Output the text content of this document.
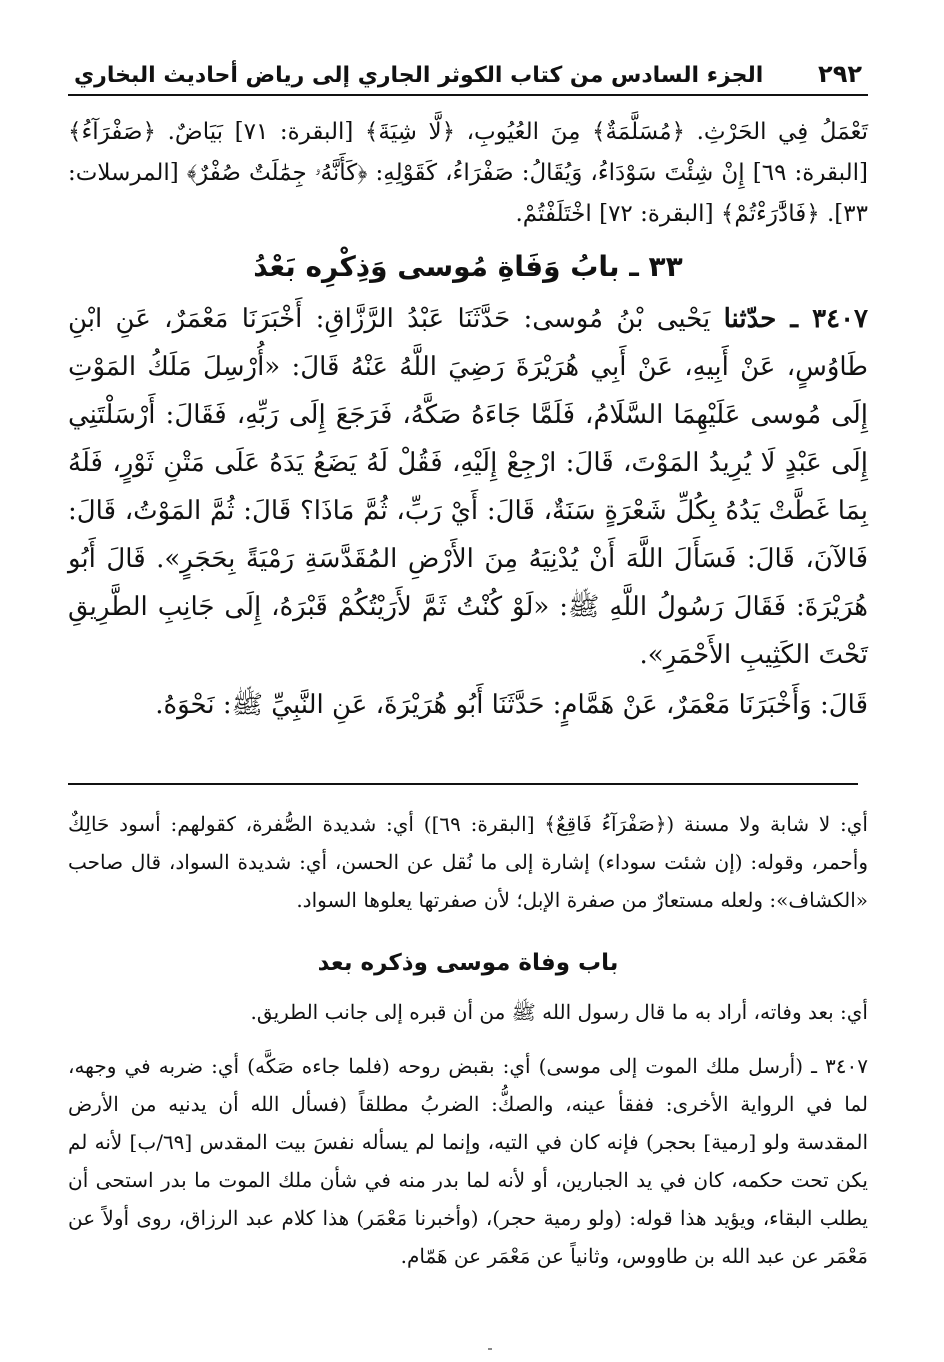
٢٩٢
الجزء السادس من كتاب الكوثر الجاري إلى رياض أحاديث البخاري

تَعْمَلُ فِي الحَرْثِ. ﴿مُسَلَّمَةٌ﴾ مِنَ العُيُوبِ، ﴿لَّا شِيَةَ﴾ [البقرة: ٧١] بَيَاضٌ. ﴿صَفْرَآءُ﴾ [البقرة: ٦٩] إِنْ شِئْتَ سَوْدَاءُ، وَيُقَالُ: صَفْرَاءُ، كَقَوْلِهِ: ﴿كَأَنَّهُۥ جِمَٰلَتٌ صُفْرٌ﴾ [المرسلات: ٣٣]. ﴿فَادَّٰرَءْتُمْ﴾ [البقرة: ٧٢] اخْتَلَفْتُمْ.

٣٣ ـ بابُ وَفَاةِ مُوسى وَذِكْرِه بَعْدُ

٣٤٠٧ ـ حدّثنا يَحْيى بْنُ مُوسى: حَدَّثَنَا عَبْدُ الرَّزَّاقِ: أَخْبَرَنَا مَعْمَرٌ، عَنِ ابْنِ طَاوُسٍ، عَنْ أَبِيهِ، عَنْ أَبِي هُرَيْرَةَ رَضِيَ اللَّهُ عَنْهُ قَالَ: «أُرْسِلَ مَلَكُ المَوْتِ إِلَى مُوسى عَلَيْهِمَا السَّلَامُ، فَلَمَّا جَاءَهُ صَكَّهُ، فَرَجَعَ إِلَى رَبِّهِ، فَقَالَ: أَرْسَلْتَنِي إِلَى عَبْدٍ لَا يُرِيدُ المَوْتَ، قَالَ: ارْجِعْ إِلَيْهِ، فَقُلْ لَهُ يَضَعُ يَدَهُ عَلَى مَتْنِ ثَوْرٍ، فَلَهُ بِمَا غَطَّتْ يَدُهُ بِكُلِّ شَعْرَةٍ سَنَةٌ، قَالَ: أَيْ رَبِّ، ثُمَّ مَاذَا؟ قَالَ: ثُمَّ المَوْتُ، قَالَ: فَالآنَ، قَالَ: فَسَأَلَ اللَّهَ أَنْ يُدْنِيَهُ مِنَ الأَرْضِ المُقَدَّسَةِ رَمْيَةً بِحَجَرٍ». قَالَ أَبُو هُرَيْرَةَ: فَقَالَ رَسُولُ اللَّهِ ﷺ: «لَوْ كُنْتُ ثَمَّ لأَرَيْتُكُمْ قَبْرَهُ، إِلَى جَانِبِ الطَّرِيقِ تَحْتَ الكَثِيبِ الأَحْمَرِ».

قَالَ: وَأَخْبَرَنَا مَعْمَرٌ، عَنْ هَمَّامٍ: حَدَّثَنَا أَبُو هُرَيْرَةَ، عَنِ النَّبِيِّ ﷺ: نَحْوَهُ.

أي: لا شابة ولا مسنة (﴿صَفْرَآءُ فَاقِعٌ﴾ [البقرة: ٦٩]) أي: شديدة الصُّفرة، كقولهم: أسود حَالِكٌ وأحمر، وقوله: (إن شئت سوداء) إشارة إلى ما نُقل عن الحسن، أي: شديدة السواد، قال صاحب «الكشاف»: ولعله مستعارٌ من صفرة الإبل؛ لأن صفرتها يعلوها السواد.

باب وفاة موسى وذكره بعد

أي: بعد وفاته، أراد به ما قال رسول الله ﷺ من أن قبره إلى جانب الطريق.

٣٤٠٧ ـ (أرسل ملك الموت إلى موسى) أي: بقبض روحه (فلما جاءه صَكَّه) أي: ضربه في وجهه، لما في الرواية الأخرى: ففقأ عينه، والصكُّ: الضربُ مطلقاً (فسأل الله أن يدنيه من الأرض المقدسة ولو [رمية] بحجر) فإنه كان في التيه، وإنما لم يسأله نفسَ بيت المقدس [٦٩/ب] لأنه لم يكن تحت حكمه، كان في يد الجبارين، أو لأنه لما بدر منه في شأن ملك الموت ما بدر استحى أن يطلب البقاء، ويؤيد هذا قوله: (ولو رمية حجر)، (وأخبرنا مَعْمَر) هذا كلام عبد الرزاق، روى أولاً عن مَعْمَر عن عبد الله بن طاووس، وثانياً عن مَعْمَر عن هَمّام.
